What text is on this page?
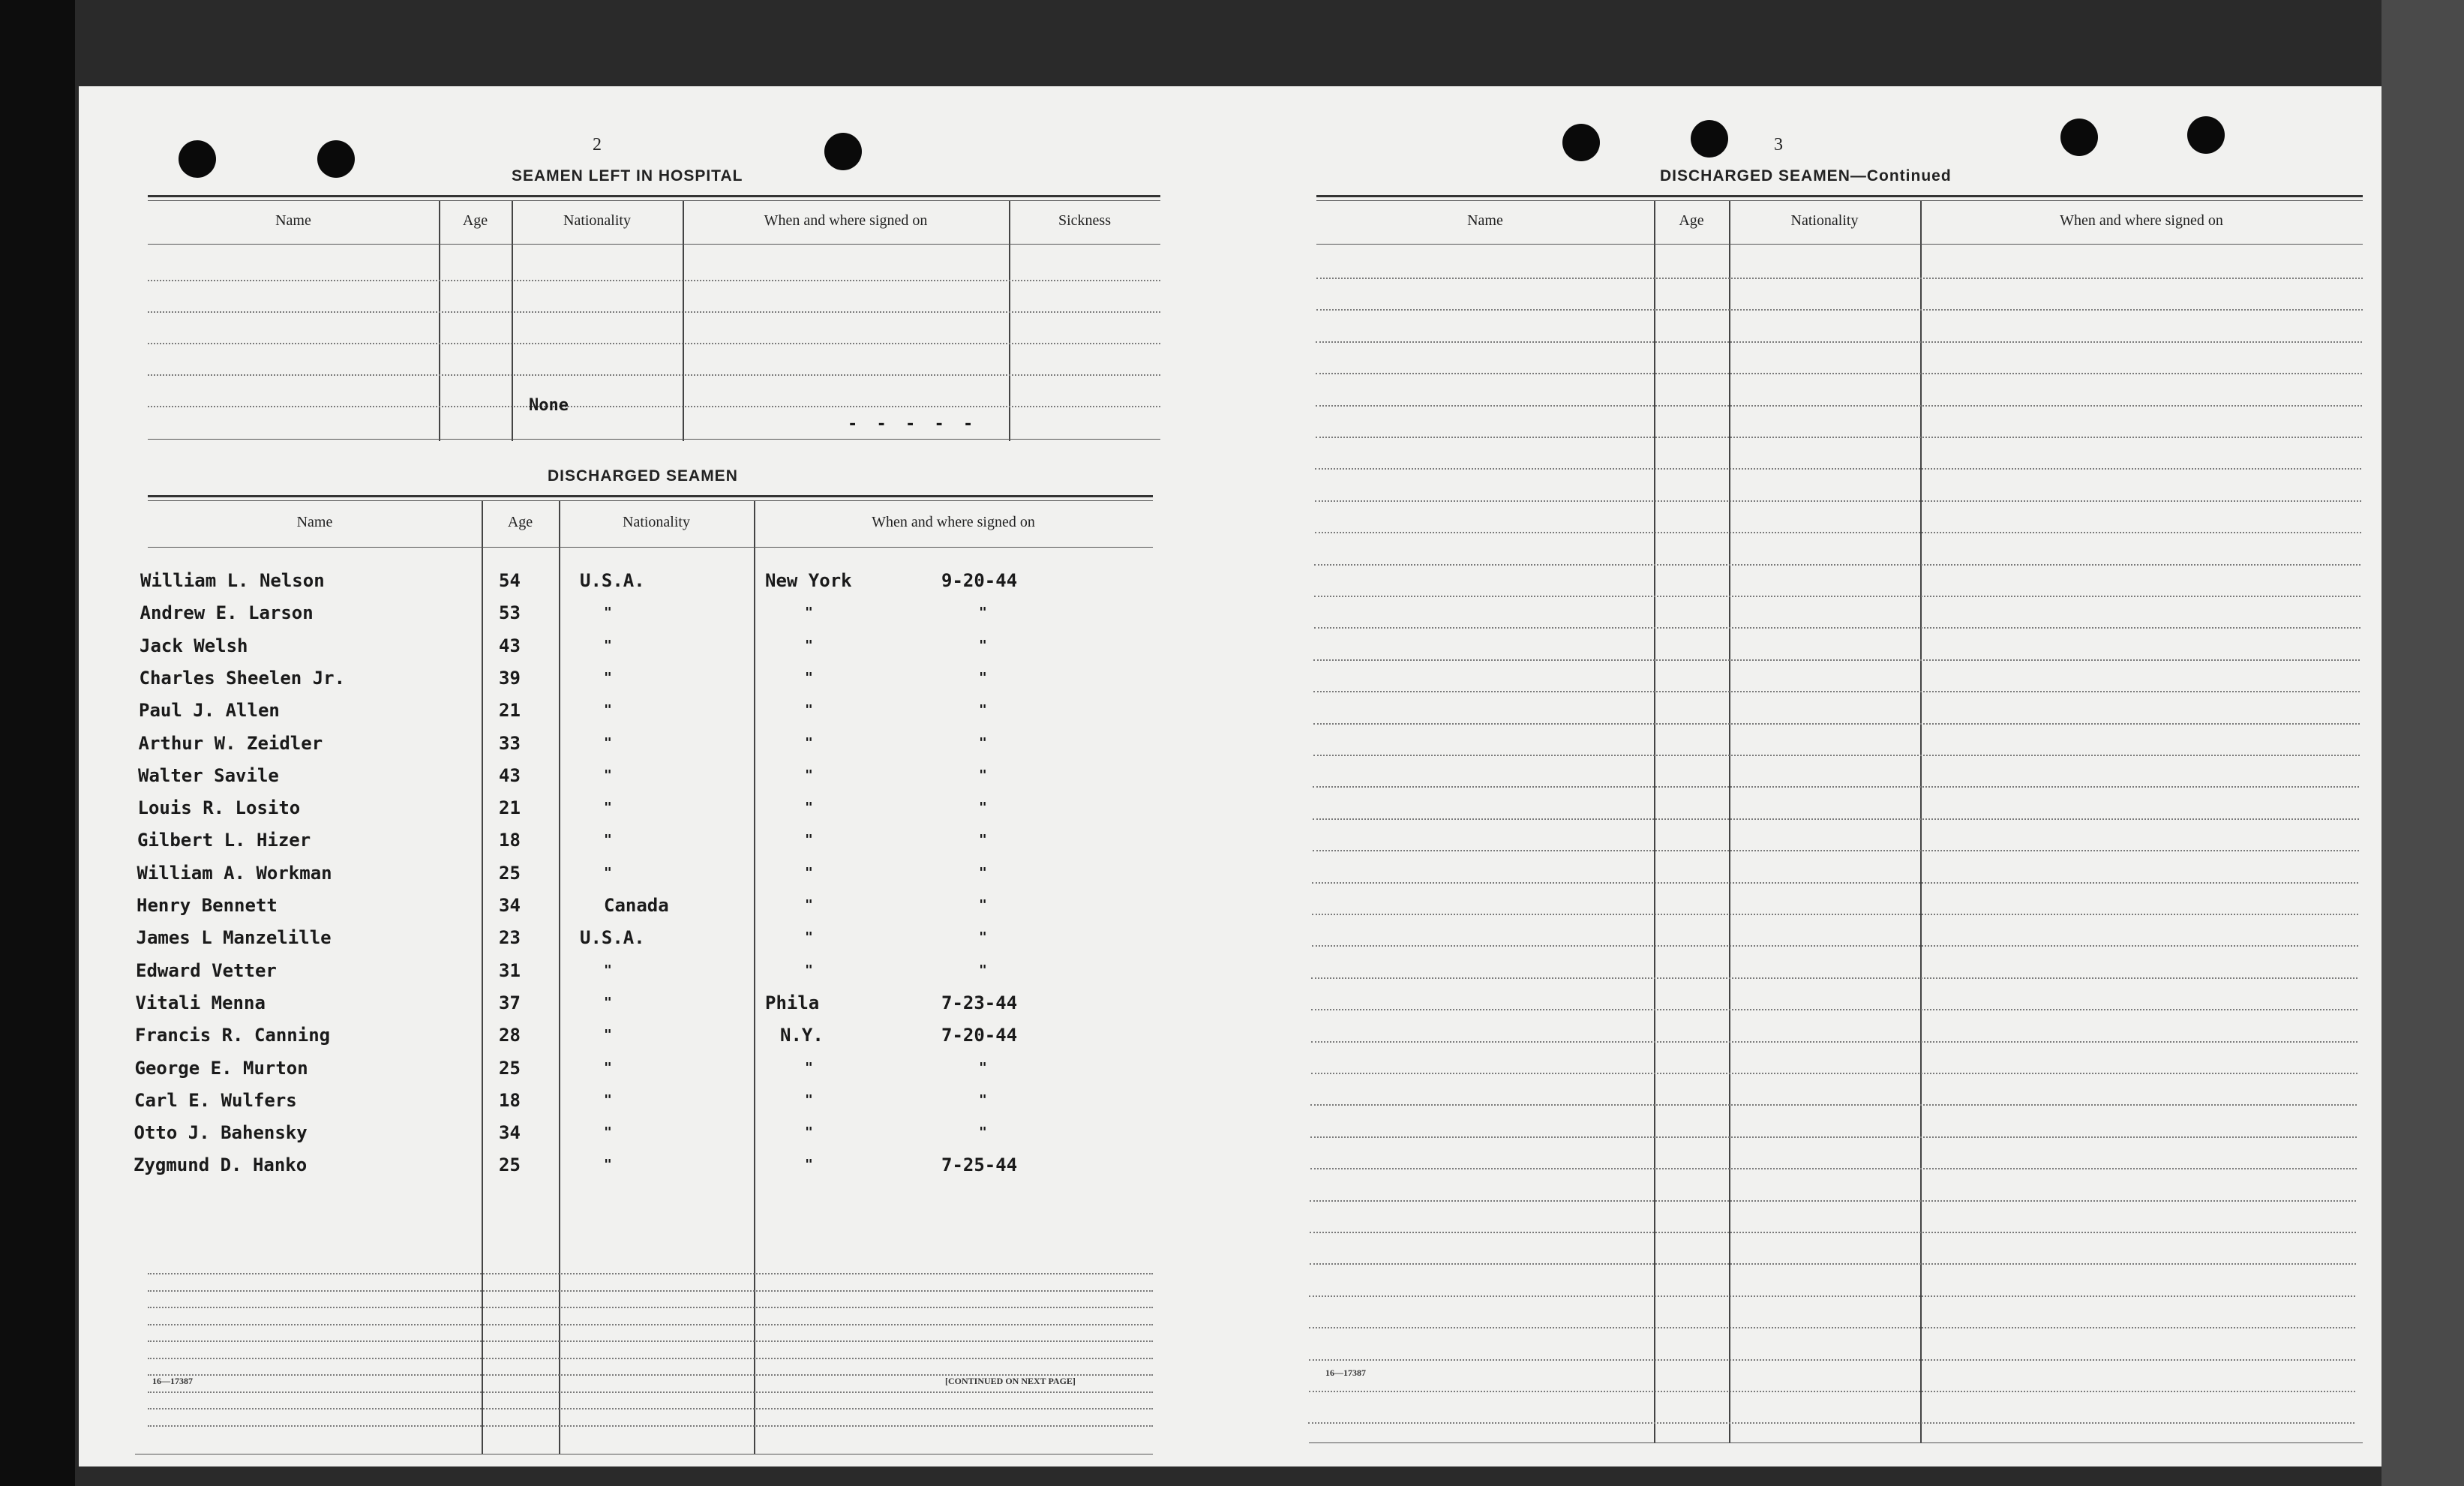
2
SEAMEN LEFT IN HOSPITAL
Name	Age	Nationality	When and where signed on	Sickness
None
- - - - -
DISCHARGED SEAMEN
Name	Age	Nationality	When and where signed on
William L. Nelson	54	U.S.A.	New York	9-20-44
Andrew E. Larson	53	"	"	"
Jack Welsh	43	"	"	"
Charles Sheelen Jr.	39	"	"	"
Paul J. Allen	21	"	"	"
Arthur W. Zeidler	33	"	"	"
Walter Savile	43	"	"	"
Louis R. Losito	21	"	"	"
Gilbert L. Hizer	18	"	"	"
William A. Workman	25	"	"	"
Henry Bennett	34	Canada	"	"
James L Manzelille	23	U.S.A.	"	"
Edward Vetter	31	"	"	"
Vitali Menna	37	"	Phila	7-23-44
Francis R. Canning	28	"	N.Y.	7-20-44
George E. Murton	25	"	"	"
Carl E. Wulfers	18	"	"	"
Otto J. Bahensky	34	"	"	"
Zygmund D. Hanko	25	"	"	7-25-44
16—17387	[CONTINUED ON NEXT PAGE]
3
DISCHARGED SEAMEN—Continued
Name	Age	Nationality	When and where signed on
16—17387
